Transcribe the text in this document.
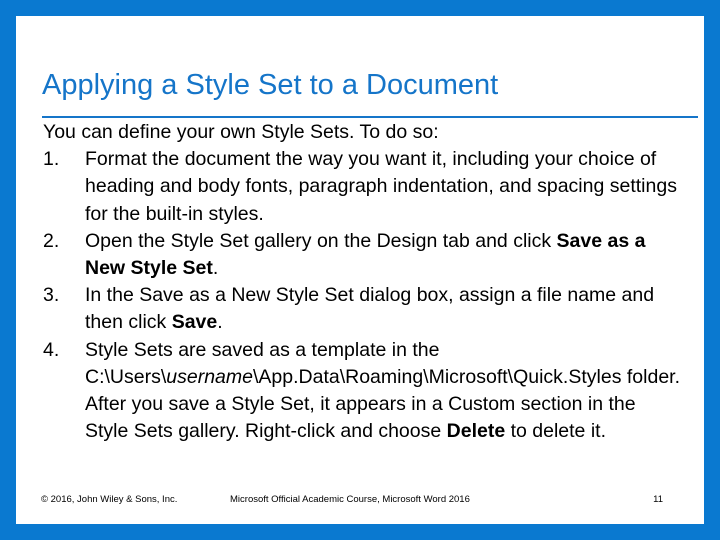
Applying a Style Set to a Document

You can define your own Style Sets. To do so:

1.	Format the document the way you want it, including your choice of heading and body fonts, paragraph indentation, and spacing settings for the built-in styles.
2.	Open the Style Set gallery on the Design tab and click Save as a New Style Set.
3.	In the Save as a New Style Set dialog box, assign a file name and then click Save.
4.	Style Sets are saved as a template in the C:\Users\username\App.Data\Roaming\Microsoft\Quick.Styles folder. After you save a Style Set, it appears in a Custom section in the Style Sets gallery. Right-click and choose Delete to delete it.
© 2016, John Wiley & Sons, Inc.	Microsoft Official Academic Course, Microsoft Word 2016	11
